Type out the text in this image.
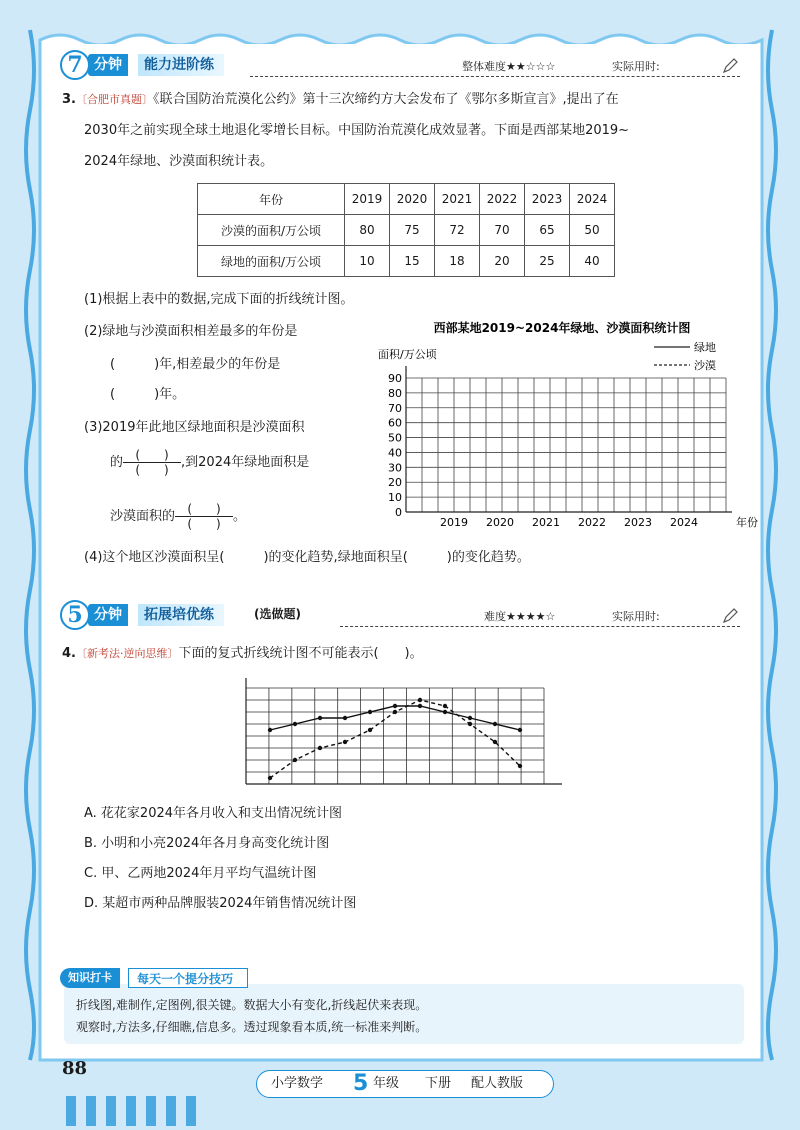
7 分钟	能力进阶练	整体难度★★☆☆☆	实际用时:
3.〔合肥市真题〕《联合国防治荒漠化公约》第十三次缔约方大会发布了《鄂尔多斯宣言》,提出了在
2030年之前实现全球土地退化零增长目标。中国防治荒漠化成效显著。下面是西部某地2019~
2024年绿地、沙漠面积统计表。
年份	2019	2020	2021	2022	2023	2024
沙漠的面积/万公顷	80	75	72	70	65	50
绿地的面积/万公顷	10	15	18	20	25	40
(1)根据上表中的数据,完成下面的折线统计图。
(2)绿地与沙漠面积相差最多的年份是
(　　　)年,相差最少的年份是
(　　　)年。
(3)2019年此地区绿地面积是沙漠面积
的 $\frac{( )}{( )}$ ,到2024年绿地面积是
沙漠面积的 $\frac{( )}{( )}$ 。
(4)这个地区沙漠面积呈(　　　)的变化趋势,绿地面积呈(　　　)的变化趋势。
西部某地2019~2024年绿地、沙漠面积统计图
面积/万公顷
绿地
沙漠
90
80
70
60
50
40
30
20
10
0
2019 2020 2021 2022 2023 2024	年份
5 分钟	拓展培优练	(选做题)	难度★★★★☆	实际用时:
4.〔新考法·逆向思维〕下面的复式折线统计图不可能表示(　　)。
A. 花花家2024年各月收入和支出情况统计图
B. 小明和小亮2024年各月身高变化统计图
C. 甲、乙两地2024年月平均气温统计图
D. 某超市两种品牌服装2024年销售情况统计图
知识打卡	每天一个提分技巧
折线图,难制作,定图例,很关键。数据大小有变化,折线起伏来表现。
观察时,方法多,仔细瞧,信息多。透过现象看本质,统一标准来判断。
88
小学数学 5 年级 下册 配人教版
